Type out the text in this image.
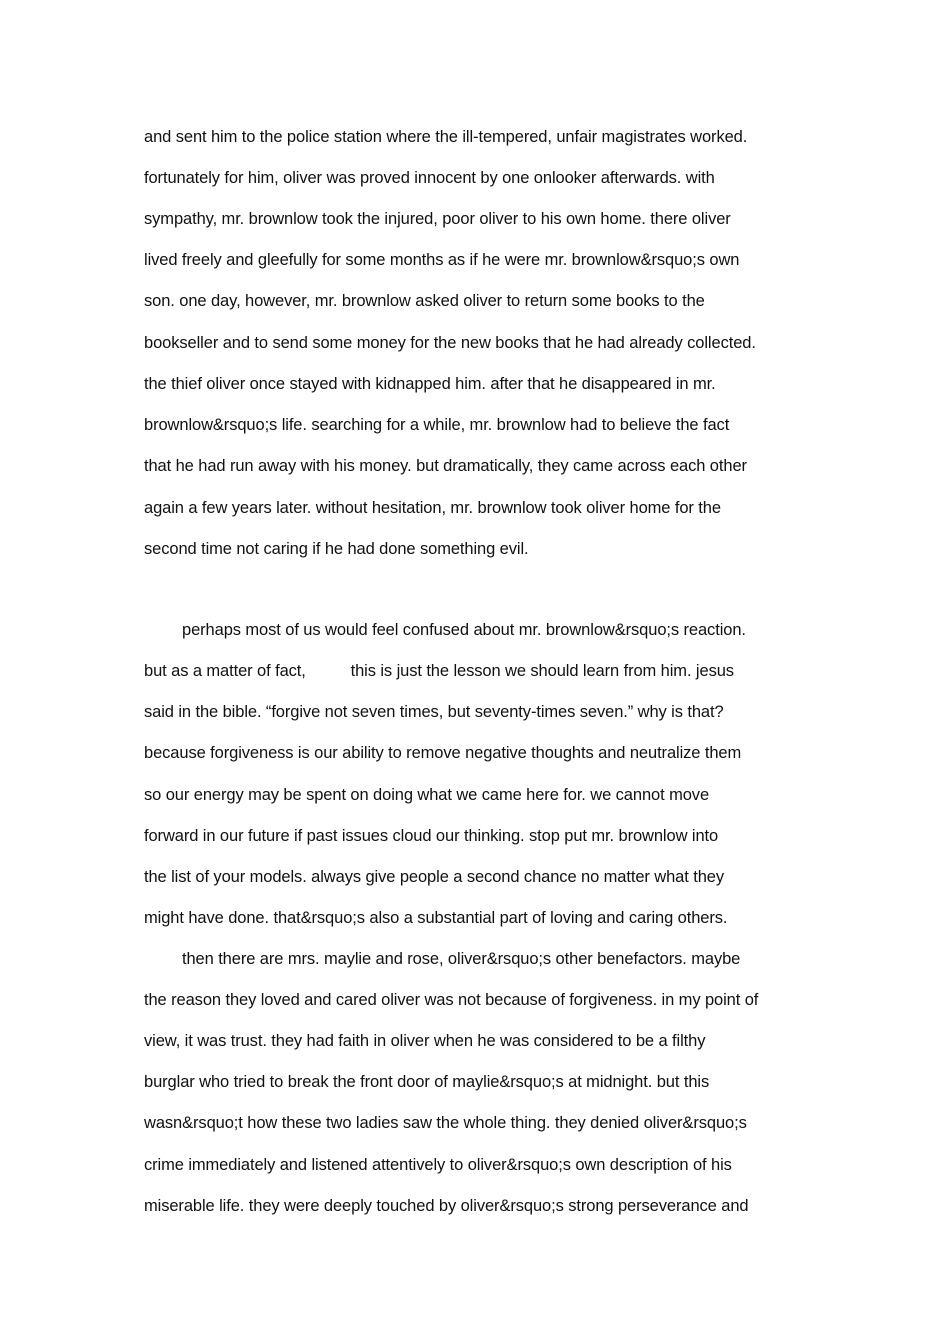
and sent him to the police station where the ill-tempered, unfair magistrates worked.
fortunately for him, oliver was proved innocent by one onlooker afterwards. with
sympathy, mr. brownlow took the injured, poor oliver to his own home. there oliver
lived freely and gleefully for some months as if he were mr. brownlow&rsquo;s own
son. one day, however, mr. brownlow asked oliver to return some books to the
bookseller and to send some money for the new books that he had already collected.
the thief oliver once stayed with kidnapped him. after that he disappeared in mr.
brownlow&rsquo;s life. searching for a while, mr. brownlow had to believe the fact
that he had run away with his money. but dramatically, they came across each other
again a few years later. without hesitation, mr. brownlow took oliver home for the
second time not caring if he had done something evil.
perhaps most of us would feel confused about mr. brownlow&rsquo;s reaction.
but as a matter of fact,          this is just the lesson we should learn from him. jesus
said in the bible. “forgive not seven times, but seventy-times seven.” why is that?
because forgiveness is our ability to remove negative thoughts and neutralize them
so our energy may be spent on doing what we came here for. we cannot move
forward in our future if past issues cloud our thinking. stop put mr. brownlow into
the list of your models. always give people a second chance no matter what they
might have done. that&rsquo;s also a substantial part of loving and caring others.
then there are mrs. maylie and rose, oliver&rsquo;s other benefactors. maybe
the reason they loved and cared oliver was not because of forgiveness. in my point of
view, it was trust. they had faith in oliver when he was considered to be a filthy
burglar who tried to break the front door of maylie&rsquo;s at midnight. but this
wasn&rsquo;t how these two ladies saw the whole thing. they denied oliver&rsquo;s
crime immediately and listened attentively to oliver&rsquo;s own description of his
miserable life. they were deeply touched by oliver&rsquo;s strong perseverance and
